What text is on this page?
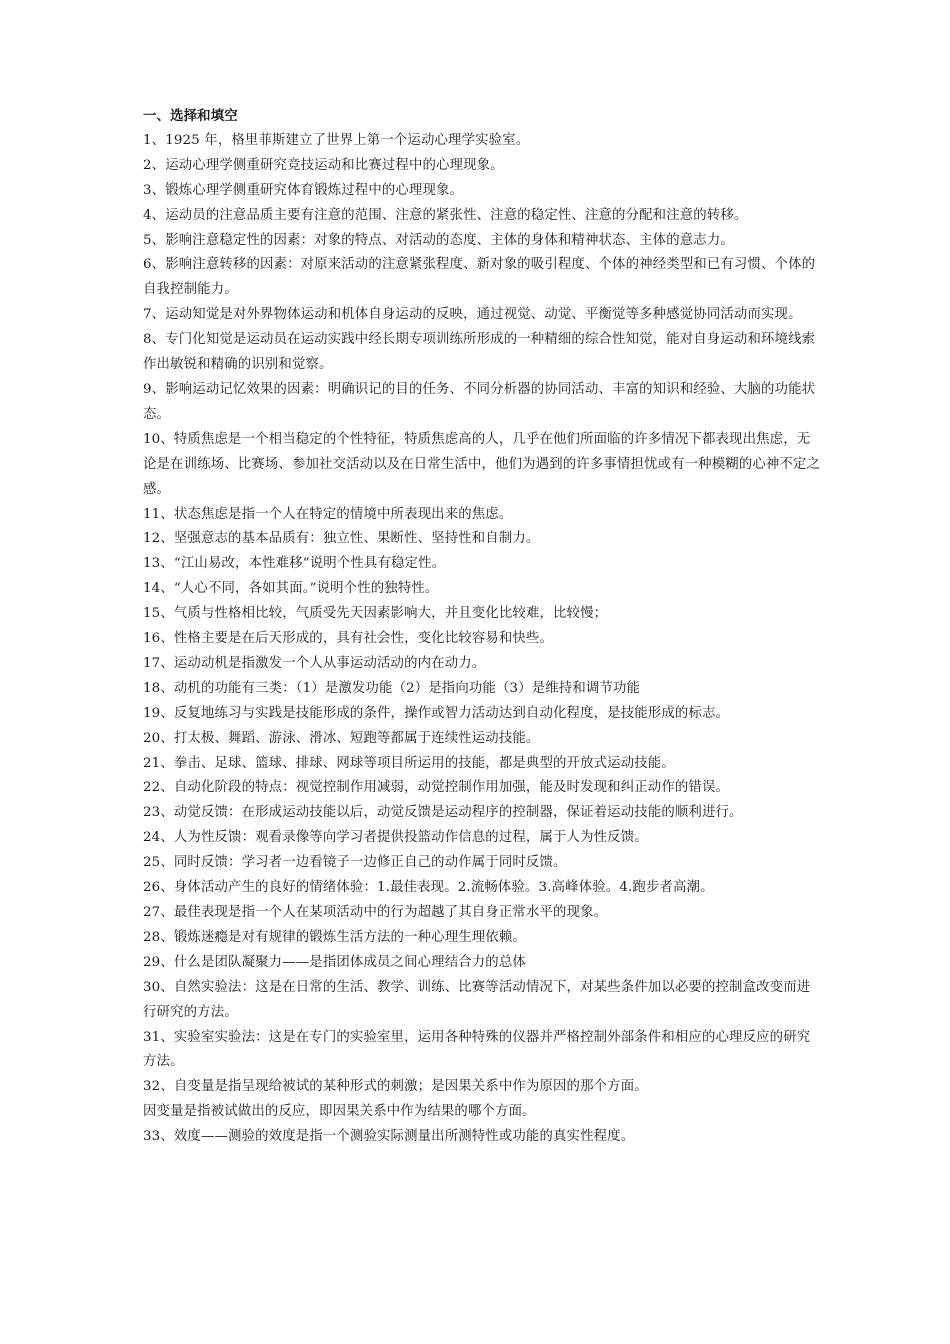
一、选择和填空

1、1925 年，格里菲斯建立了世界上第一个运动心理学实验室。

2、运动心理学侧重研究竞技运动和比赛过程中的心理现象。

3、锻炼心理学侧重研究体育锻炼过程中的心理现象。

4、运动员的注意品质主要有注意的范围、注意的紧张性、注意的稳定性、注意的分配和注意的转移。

5、影响注意稳定性的因素：对象的特点、对活动的态度、主体的身体和精神状态、主体的意志力。

6、影响注意转移的因素：对原来活动的注意紧张程度、新对象的吸引程度、个体的神经类型和已有习惯、个体的自我控制能力。

7、运动知觉是对外界物体运动和机体自身运动的反映，通过视觉、动觉、平衡觉等多种感觉协同活动而实现。

8、专门化知觉是运动员在运动实践中经长期专项训练所形成的一种精细的综合性知觉，能对自身运动和环境线索作出敏锐和精确的识别和觉察。

9、影响运动记忆效果的因素：明确识记的目的任务、不同分析器的协同活动、丰富的知识和经验、大脑的功能状态。

10、特质焦虑是一个相当稳定的个性特征，特质焦虑高的人，几乎在他们所面临的许多情况下都表现出焦虑，无论是在训练场、比赛场、参加社交活动以及在日常生活中，他们为遇到的许多事情担忧或有一种模糊的心神不定之感。

11、状态焦虑是指一个人在特定的情境中所表现出来的焦虑。

12、坚强意志的基本品质有：独立性、果断性、坚持性和自制力。

13、“江山易改，本性难移”说明个性具有稳定性。

14、“人心不同，各如其面。”说明个性的独特性。

15、气质与性格相比较，气质受先天因素影响大，并且变化比较难，比较慢；

16、性格主要是在后天形成的，具有社会性，变化比较容易和快些。

17、运动动机是指激发一个人从事运动活动的内在动力。

18、动机的功能有三类：（1）是激发功能（2）是指向功能（3）是维持和调节功能

19、反复地练习与实践是技能形成的条件，操作或智力活动达到自动化程度，是技能形成的标志。

20、打太极、舞蹈、游泳、滑冰、短跑等都属于连续性运动技能。

21、拳击、足球、篮球、排球、网球等项目所运用的技能，都是典型的开放式运动技能。

22、自动化阶段的特点：视觉控制作用减弱，动觉控制作用加强，能及时发现和纠正动作的错误。

23、动觉反馈：在形成运动技能以后，动觉反馈是运动程序的控制器，保证着运动技能的顺利进行。

24、人为性反馈：观看录像等向学习者提供投篮动作信息的过程，属于人为性反馈。

25、同时反馈：学习者一边看镜子一边修正自己的动作属于同时反馈。

26、身体活动产生的良好的情绪体验：1.最佳表现。2.流畅体验。3.高峰体验。4.跑步者高潮。

27、最佳表现是指一个人在某项活动中的行为超越了其自身正常水平的现象。

28、锻炼迷瘾是对有规律的锻炼生活方法的一种心理生理依赖。

29、什么是团队凝聚力——是指团体成员之间心理结合力的总体

30、自然实验法：这是在日常的生活、教学、训练、比赛等活动情况下，对某些条件加以必要的控制盒改变而进行研究的方法。

31、实验室实验法：这是在专门的实验室里，运用各种特殊的仪器并严格控制外部条件和相应的心理反应的研究方法。

32、自变量是指呈现给被试的某种形式的刺激；是因果关系中作为原因的那个方面。

因变量是指被试做出的反应，即因果关系中作为结果的哪个方面。

33、效度——测验的效度是指一个测验实际测量出所测特性或功能的真实性程度。
